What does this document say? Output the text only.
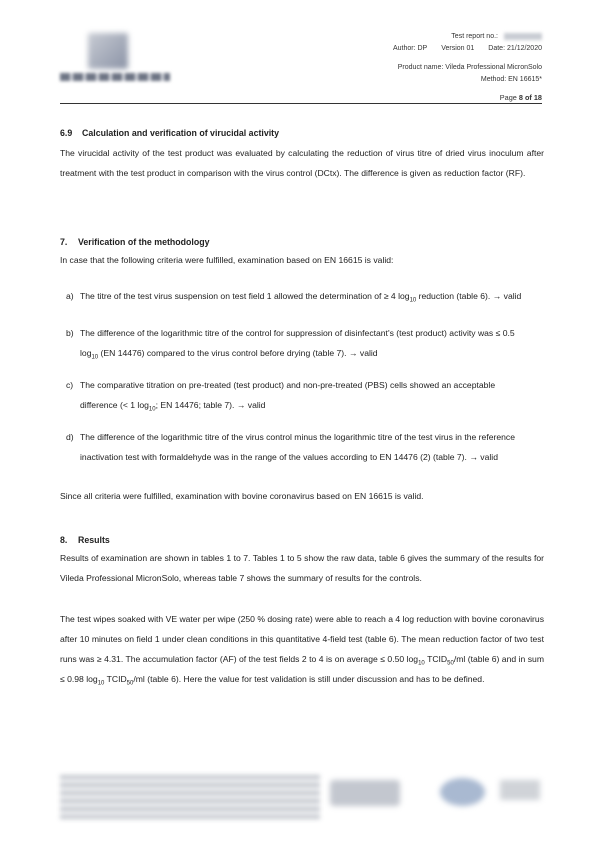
Test report no.:
Author: DP Version 01 Date: 21/12/2020
Product name: Vileda Professional MicronSolo
Method: EN 16615*
Page 8 of 18
6.9 Calculation and verification of virucidal activity
The virucidal activity of the test product was evaluated by calculating the reduction of virus titre of dried virus inoculum after treatment with the test product in comparison with the virus control (DCtx). The difference is given as reduction factor (RF).
7. Verification of the methodology
In case that the following criteria were fulfilled, examination based on EN 16615 is valid:
a) The titre of the test virus suspension on test field 1 allowed the determination of ≥ 4 $\log_{10}$ reduction (table 6). → valid
b) The difference of the logarithmic titre of the control for suppression of disinfectant's (test product) activity was ≤ 0.5
$\log_{10} (EN$ 14476) compared to the virus control before drying (table 7). → valid
c) The comparative titration on pre-treated (test product) and non-pre-treated (PBS) cells showed an acceptable
difference (< 1 $\log_{10}$; EN 14476; table 7). → valid
d) The difference of the logarithmic titre of the virus control minus the logarithmic titre of the test virus in the reference
inactivation test with formaldehyde was in the range of the values according to EN 14476 (2) (table 7). → valid
Since all criteria were fulfilled, examination with bovine coronavirus based on EN 16615 is valid.
8. Results
Results of examination are shown in tables 1 to 7. Tables 1 to 5 show the raw data, table 6 gives the summary of the results for Vileda Professional MicronSolo, whereas table 7 shows the summary of results for the controls.
The test wipes soaked with VE water per wipe (250 % dosing rate) were able to reach a 4 log reduction with bovine coronavirus after 10 minutes on field 1 under clean conditions in this quantitative 4-field test (table 6). The mean reduction factor of two test runs was ≥ 4.31. The accumulation factor (AF) of the test fields 2 to 4 is on average ≤ 0.50 $\log_{10}$ $TCID_{50}/ml$ (table 6) and in sum ≤ 0.98 $\log_{10}$ $TCID_{50}/ml$ (table 6). Here the value for test validation is still under discussion and has to be defined.
